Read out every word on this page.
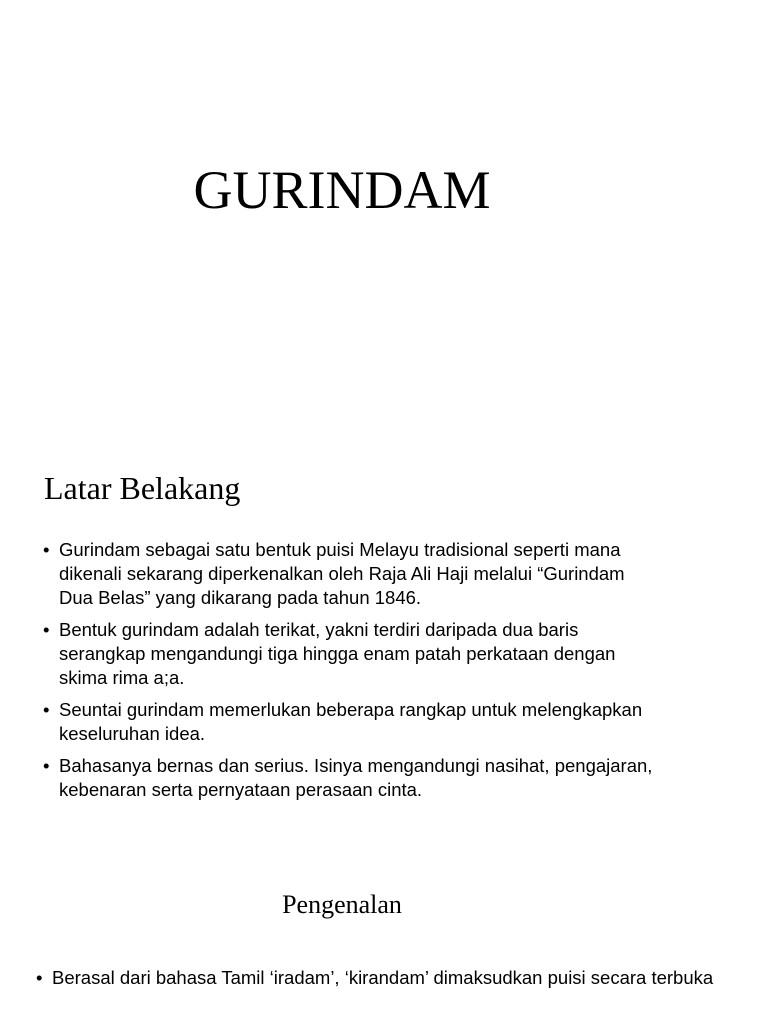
GURINDAM
Latar Belakang
• Gurindam sebagai satu bentuk puisi Melayu tradisional seperti mana dikenali sekarang diperkenalkan oleh Raja Ali Haji melalui “Gurindam Dua Belas” yang dikarang pada tahun 1846.
• Bentuk gurindam adalah terikat, yakni terdiri daripada dua baris serangkap mengandungi tiga hingga enam patah perkataan dengan skima rima a;a.
• Seuntai gurindam memerlukan beberapa rangkap untuk melengkapkan keseluruhan idea.
• Bahasanya bernas dan serius. Isinya mengandungi nasihat, pengajaran, kebenaran serta pernyataan perasaan cinta.
Pengenalan
• Berasal dari bahasa Tamil ‘iradam’, ‘kirandam’ dimaksudkan puisi secara terbuka
